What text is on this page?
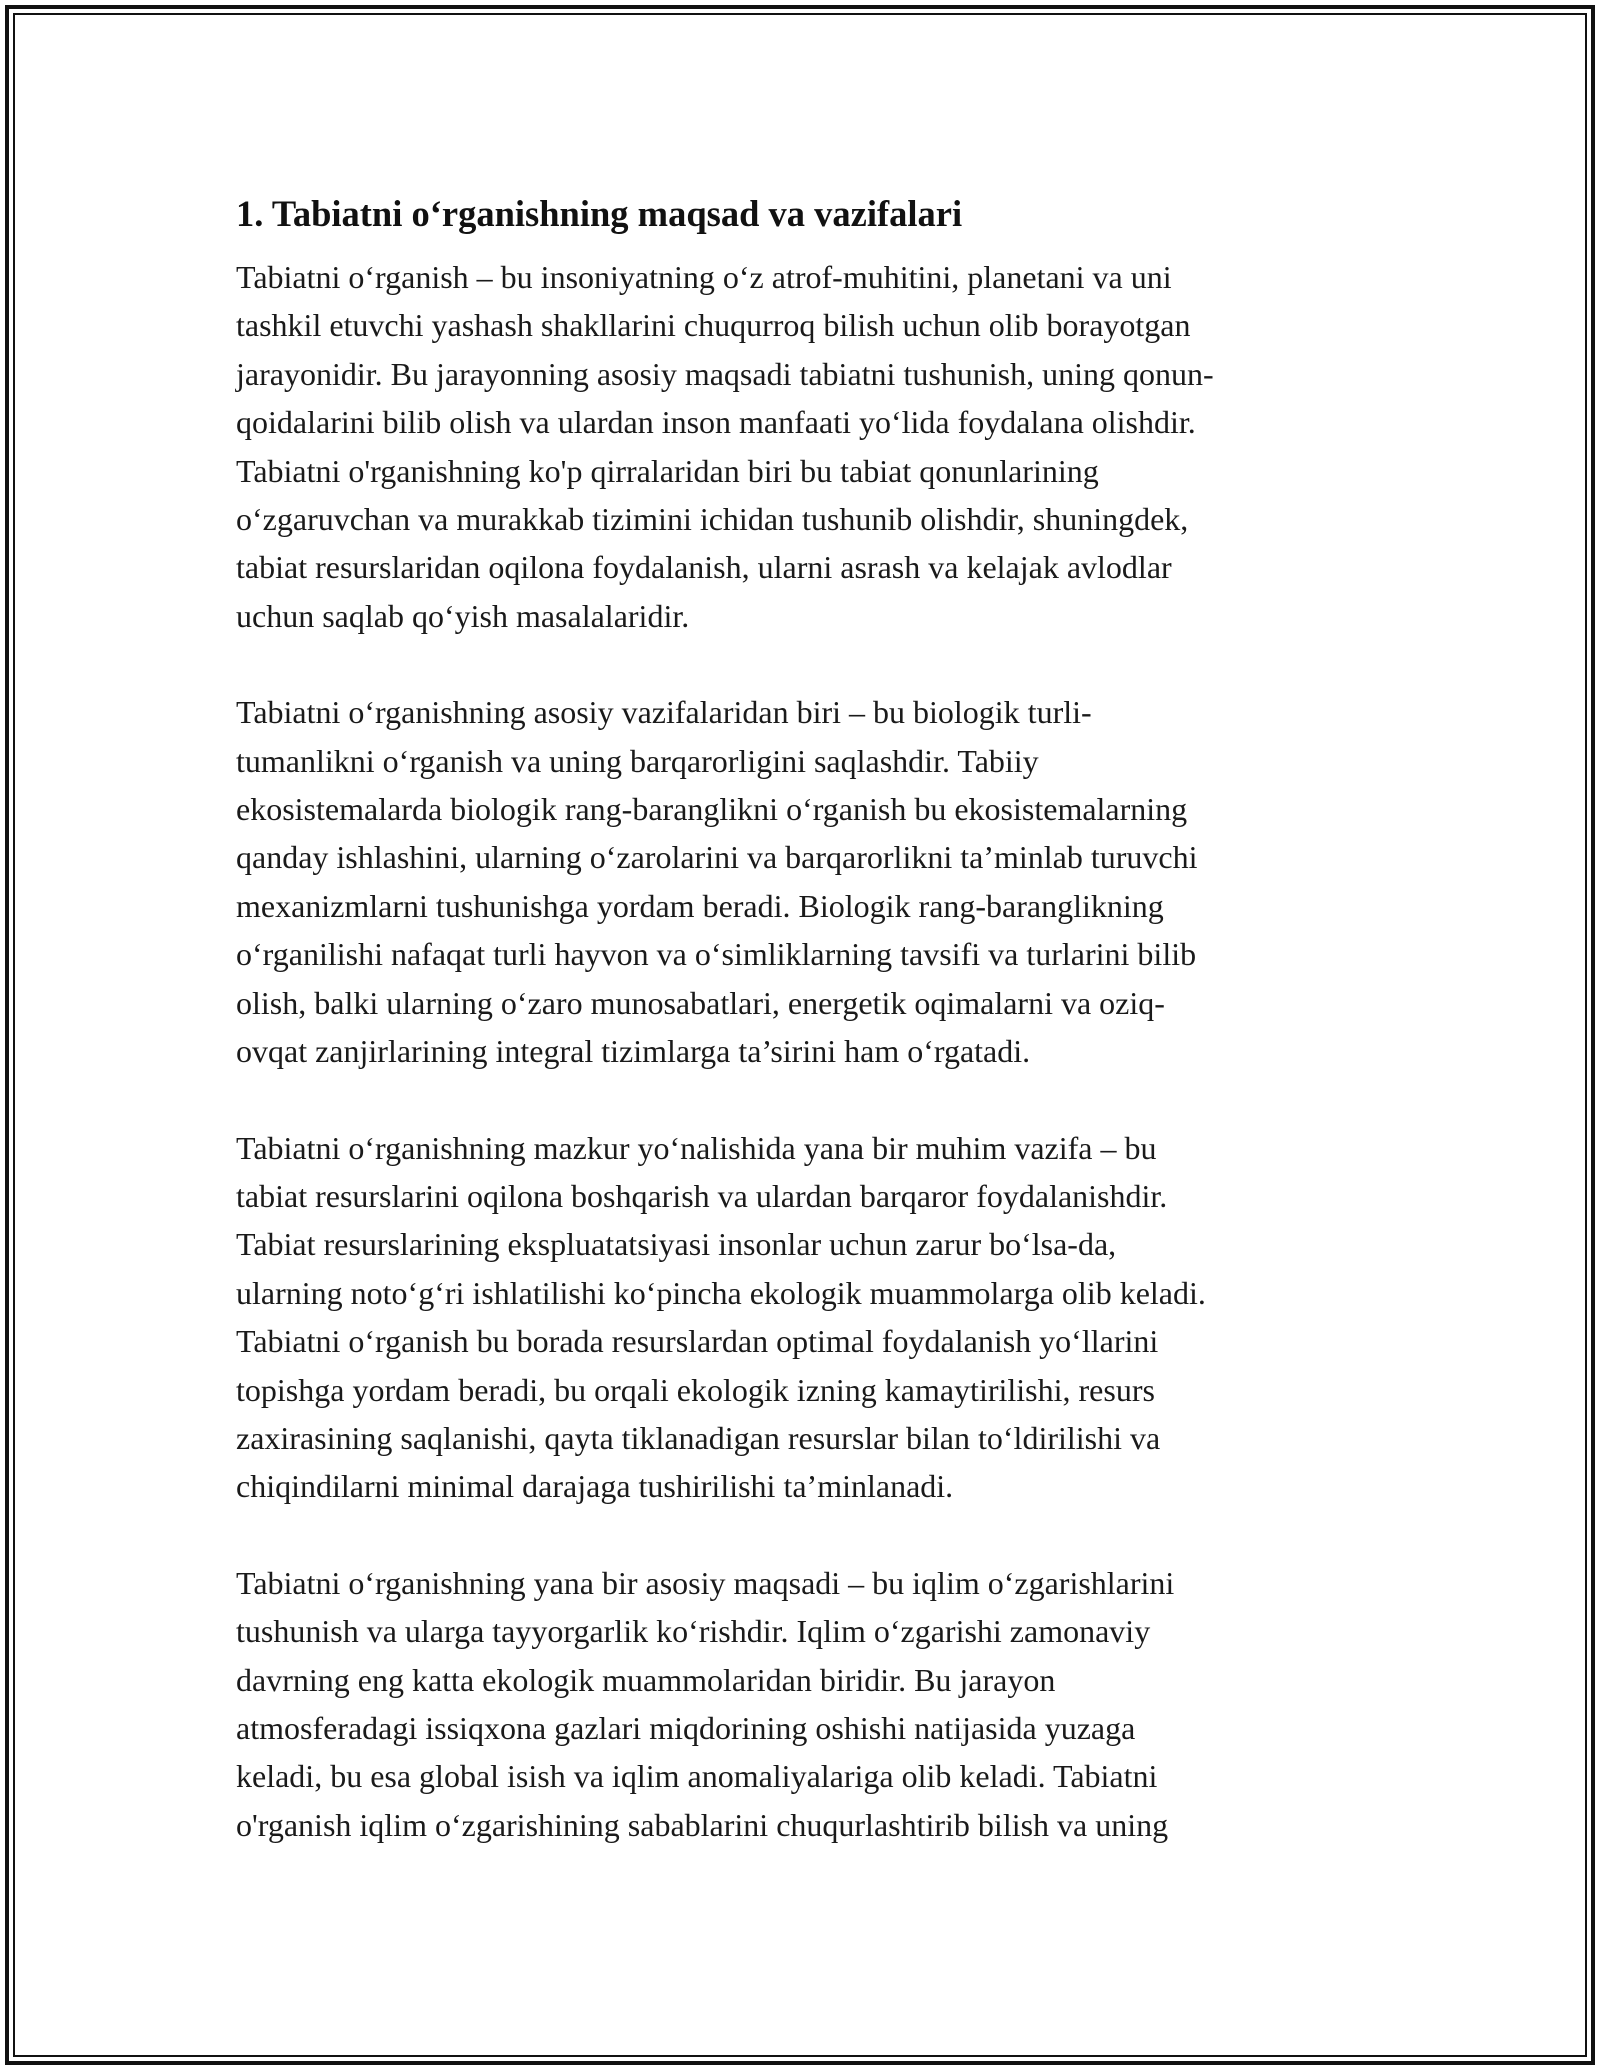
1. Tabiatni o‘rganishning maqsad va vazifalari

Tabiatni o‘rganish – bu insoniyatning o‘z atrof-muhitini, planetani va uni
tashkil etuvchi yashash shakllarini chuqurroq bilish uchun olib borayotgan
jarayonidir. Bu jarayonning asosiy maqsadi tabiatni tushunish, uning qonun-
qoidalarini bilib olish va ulardan inson manfaati yo‘lida foydalana olishdir.
Tabiatni o'rganishning ko'p qirralaridan biri bu tabiat qonunlarining
o‘zgaruvchan va murakkab tizimini ichidan tushunib olishdir, shuningdek,
tabiat resurslaridan oqilona foydalanish, ularni asrash va kelajak avlodlar
uchun saqlab qo‘yish masalalaridir.

Tabiatni o‘rganishning asosiy vazifalaridan biri – bu biologik turli-
tumanlikni o‘rganish va uning barqarorligini saqlashdir. Tabiiy
ekosistemalarda biologik rang-baranglikni o‘rganish bu ekosistemalarning
qanday ishlashini, ularning o‘zarolarini va barqarorlikni ta’minlab turuvchi
mexanizmlarni tushunishga yordam beradi. Biologik rang-baranglikning
o‘rganilishi nafaqat turli hayvon va o‘simliklarning tavsifi va turlarini bilib
olish, balki ularning o‘zaro munosabatlari, energetik oqimalarni va oziq-
ovqat zanjirlarining integral tizimlarga ta’sirini ham o‘rgatadi.

Tabiatni o‘rganishning mazkur yo‘nalishida yana bir muhim vazifa – bu
tabiat resurslarini oqilona boshqarish va ulardan barqaror foydalanishdir.
Tabiat resurslarining ekspluatatsiyasi insonlar uchun zarur bo‘lsa-da,
ularning noto‘g‘ri ishlatilishi ko‘pincha ekologik muammolarga olib keladi.
Tabiatni o‘rganish bu borada resurslardan optimal foydalanish yo‘llarini
topishga yordam beradi, bu orqali ekologik izning kamaytirilishi, resurs
zaxirasining saqlanishi, qayta tiklanadigan resurslar bilan to‘ldirilishi va
chiqindilarni minimal darajaga tushirilishi ta’minlanadi.

Tabiatni o‘rganishning yana bir asosiy maqsadi – bu iqlim o‘zgarishlarini
tushunish va ularga tayyorgarlik ko‘rishdir. Iqlim o‘zgarishi zamonaviy
davrning eng katta ekologik muammolaridan biridir. Bu jarayon
atmosferadagi issiqxona gazlari miqdorining oshishi natijasida yuzaga
keladi, bu esa global isish va iqlim anomaliyalariga olib keladi. Tabiatni
o'rganish iqlim o‘zgarishining sabablarini chuqurlashtirib bilish va uning
